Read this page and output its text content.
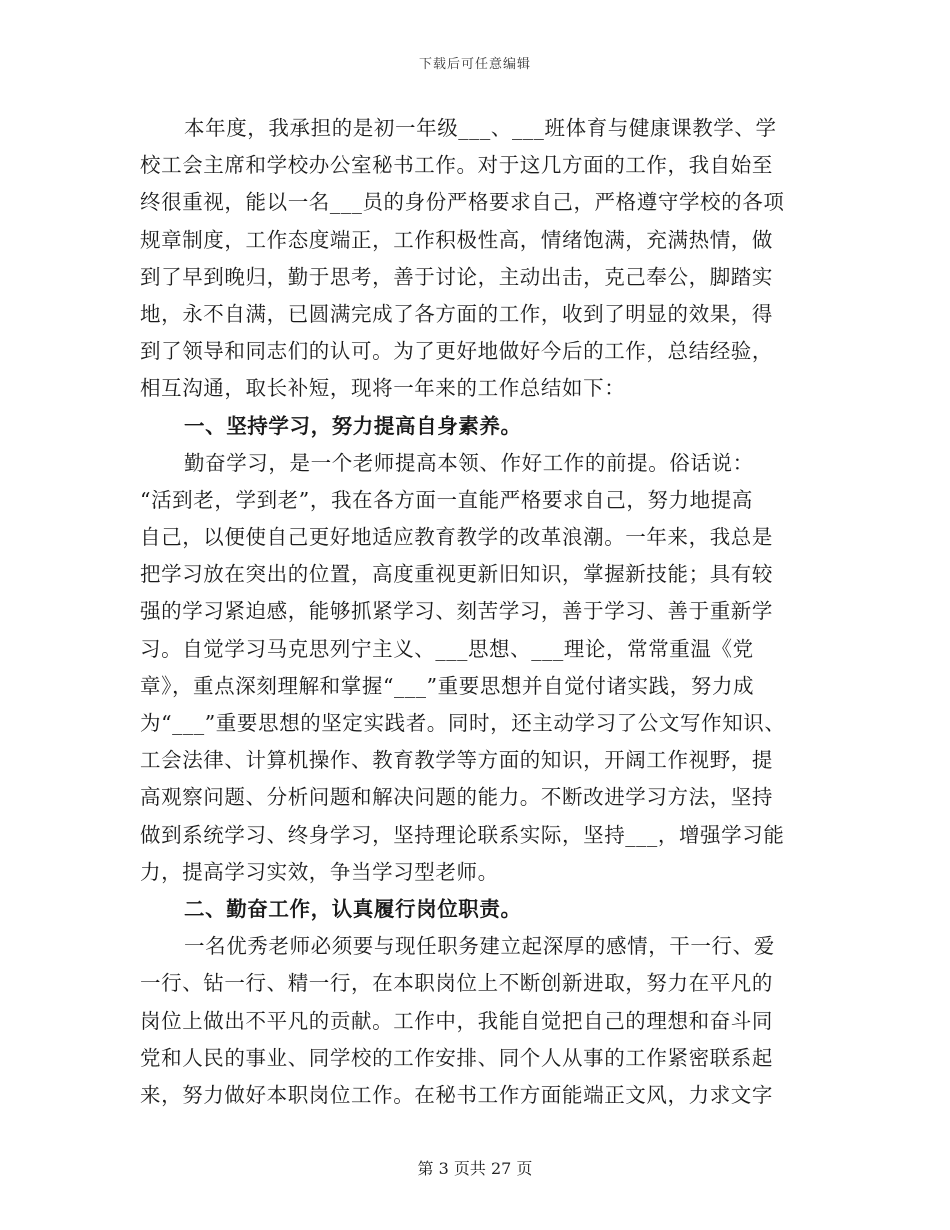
下载后可任意编辑
本年度，我承担的是初一年级___、___班体育与健康课教学、学
校工会主席和学校办公室秘书工作。对于这几方面的工作，我自始至
终很重视，能以一名___员的身份严格要求自己，严格遵守学校的各项
规章制度，工作态度端正，工作积极性高，情绪饱满，充满热情，做
到了早到晚归，勤于思考，善于讨论，主动出击，克己奉公，脚踏实
地，永不自满，已圆满完成了各方面的工作，收到了明显的效果，得
到了领导和同志们的认可。为了更好地做好今后的工作，总结经验，
相互沟通，取长补短，现将一年来的工作总结如下：
一、坚持学习，努力提高自身素养。
勤奋学习，是一个老师提高本领、作好工作的前提。俗话说：
“活到老，学到老”，我在各方面一直能严格要求自己，努力地提高
自己，以便使自己更好地适应教育教学的改革浪潮。一年来，我总是
把学习放在突出的位置，高度重视更新旧知识，掌握新技能；具有较
强的学习紧迫感，能够抓紧学习、刻苦学习，善于学习、善于重新学
习。自觉学习马克思列宁主义、___思想、___理论，常常重温《党
章》，重点深刻理解和掌握“___”重要思想并自觉付诸实践，努力成
为“___”重要思想的坚定实践者。同时，还主动学习了公文写作知识、
工会法律、计算机操作、教育教学等方面的知识，开阔工作视野，提
高观察问题、分析问题和解决问题的能力。不断改进学习方法，坚持
做到系统学习、终身学习，坚持理论联系实际，坚持___，增强学习能
力，提高学习实效，争当学习型老师。
二、勤奋工作，认真履行岗位职责。
一名优秀老师必须要与现任职务建立起深厚的感情，干一行、爱
一行、钻一行、精一行，在本职岗位上不断创新进取，努力在平凡的
岗位上做出不平凡的贡献。工作中，我能自觉把自己的理想和奋斗同
党和人民的事业、同学校的工作安排、同个人从事的工作紧密联系起
来，努力做好本职岗位工作。在秘书工作方面能端正文风，力求文字
第 3 页共 27 页
